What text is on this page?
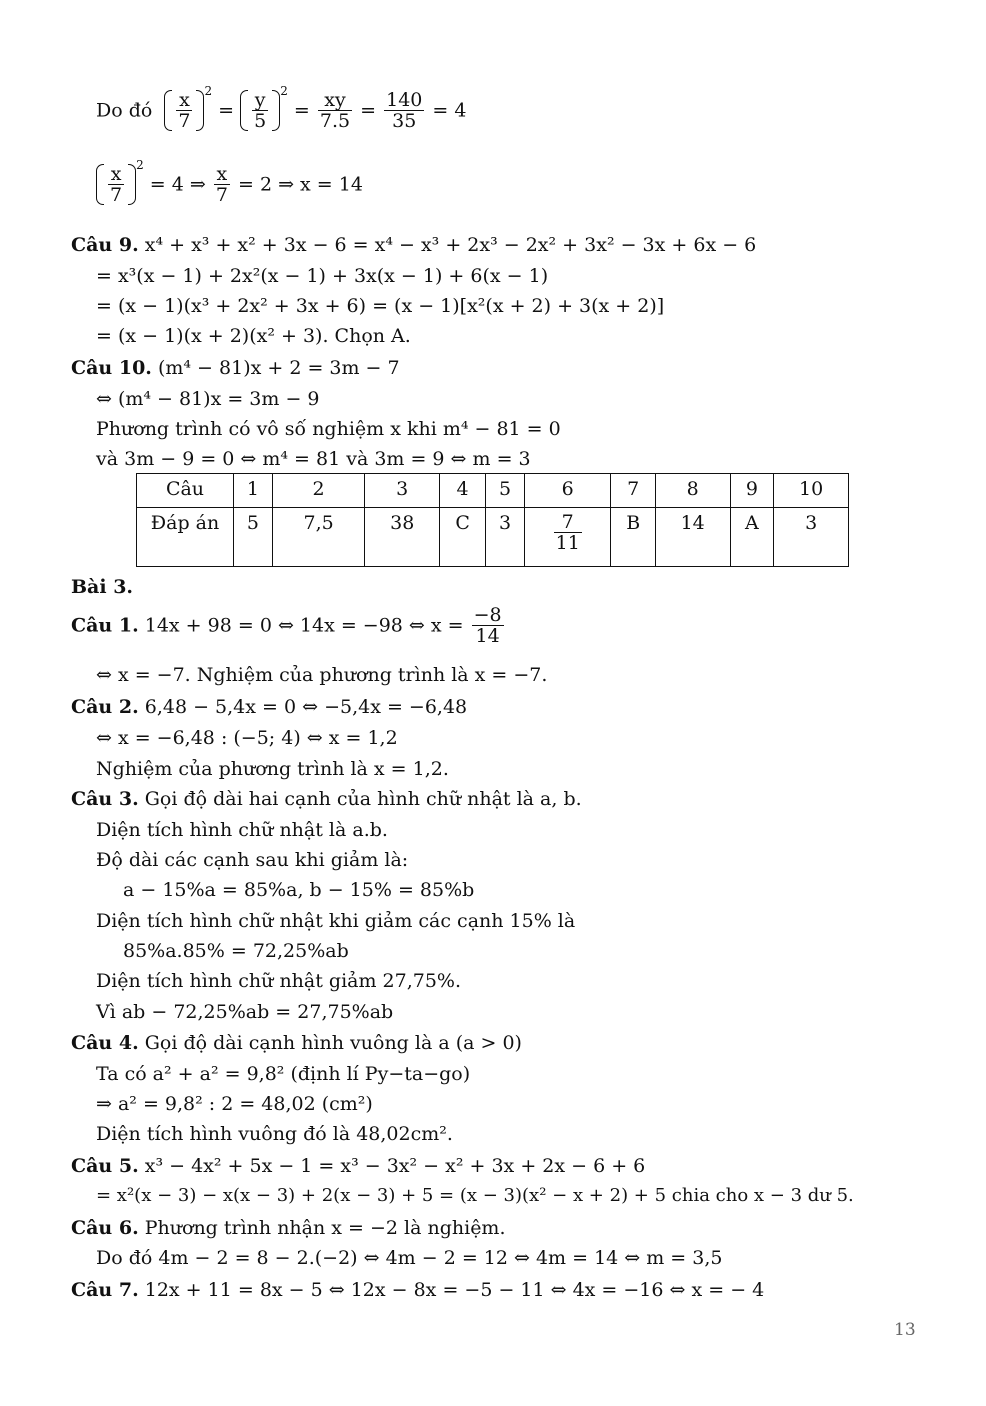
Do đó $\frac{x}{7} ^2 = \frac{y}{5} ^2 = \frac{xy}{7.5} = \frac{140}{35} = 4$
$\frac{x}{7} ^2 = 4$ ⇒ $\frac{x}{7} = 2$ ⇒ x = 14
Câu 9. x⁴ + x³ + x² + 3x − 6 = x⁴ − x³ + 2x³ − 2x² + 3x² − 3x + 6x − 6
= x³(x − 1) + 2x²(x − 1) + 3x(x − 1) + 6(x − 1)
= (x − 1)(x³ + 2x² + 3x + 6) = (x − 1)[x²(x + 2) + 3(x + 2)]
= (x − 1)(x + 2)(x² + 3). Chọn A.
Câu 10. (m⁴ − 81)x + 2 = 3m − 7
⇔ (m⁴ − 81)x = 3m − 9
Phương trình có vô số nghiệm x khi m⁴ − 81 = 0
và 3m − 9 = 0 ⇔ m⁴ = 81 và 3m = 9 ⇔ m = 3
Câu	1	2	3	4	5	6	7	8	9	10
Đáp án	5	7,5	38	C	3	$\frac{7}{11}$	B	14	A	3
Bài 3.
Câu 1. 14x + 98 = 0 ⇔ 14x = −98 ⇔ $x = \frac{-8}{14}$
⇔ x = −7. Nghiệm của phương trình là x = −7.
Câu 2. 6,48 − 5,4x = 0 ⇔ −5,4x = −6,48
⇔ x = −6,48 : (−5; 4) ⇔ x = 1,2
Nghiệm của phương trình là x = 1,2.
Câu 3. Gọi độ dài hai cạnh của hình chữ nhật là a, b.
Diện tích hình chữ nhật là a.b.
Độ dài các cạnh sau khi giảm là:
a − 15%a = 85%a, b − 15% = 85%b
Diện tích hình chữ nhật khi giảm các cạnh 15% là
85%a.85% = 72,25%ab
Diện tích hình chữ nhật giảm 27,75%.
Vì ab − 72,25%ab = 27,75%ab
Câu 4. Gọi độ dài cạnh hình vuông là a (a > 0)
Ta có a² + a² = 9,8² (định lí Py−ta−go)
⇒ a² = 9,8² : 2 = 48,02 (cm²)
Diện tích hình vuông đó là 48,02cm².
Câu 5. x³ − 4x² + 5x − 1 = x³ − 3x² − x² + 3x + 2x − 6 + 6
= x²(x − 3) − x(x − 3) + 2(x − 3) + 5 = (x − 3)(x² − x + 2) + 5 chia cho x − 3 dư 5.
Câu 6. Phương trình nhận x = −2 là nghiệm.
Do đó 4m − 2 = 8 − 2.(−2) ⇔ 4m − 2 = 12 ⇔ 4m = 14 ⇔ m = 3,5
Câu 7. 12x + 11 = 8x − 5 ⇔ 12x − 8x = −5 − 11 ⇔ 4x = −16 ⇔ x = − 4
13
